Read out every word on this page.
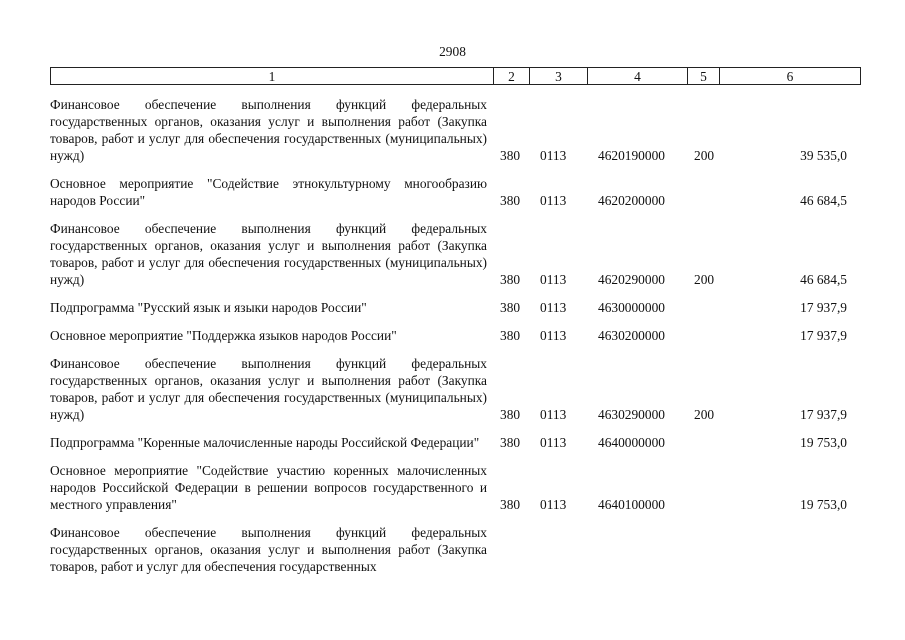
2908
1	2	3	4	5	6
Финансовое обеспечение выполнения функций федеральных государственных органов, оказания услуг и выполнения работ (Закупка товаров, работ и услуг для обеспечения государственных (муниципальных) нужд)	380 0113 4620190000 200	39 535,0
Основное мероприятие "Содействие этнокультурному многообразию народов России"	380 0113 4620200000	46 684,5
Финансовое обеспечение выполнения функций федеральных государственных органов, оказания услуг и выполнения работ (Закупка товаров, работ и услуг для обеспечения государственных (муниципальных) нужд)	380 0113 4620290000 200	46 684,5
Подпрограмма "Русский язык и языки народов России"	380 0113 4630000000	17 937,9
Основное мероприятие "Поддержка языков народов России"	380 0113 4630200000	17 937,9
Финансовое обеспечение выполнения функций федеральных государственных органов, оказания услуг и выполнения работ (Закупка товаров, работ и услуг для обеспечения государственных (муниципальных) нужд)	380 0113 4630290000 200	17 937,9
Подпрограмма "Коренные малочисленные народы Российской Федерации"	380 0113 4640000000	19 753,0
Основное мероприятие "Содействие участию коренных малочисленных народов Российской Федерации в решении вопросов государственного и местного управления"	380 0113 4640100000	19 753,0
Финансовое обеспечение выполнения функций федеральных государственных органов, оказания услуг и выполнения работ (Закупка товаров, работ и услуг для обеспечения государственных
